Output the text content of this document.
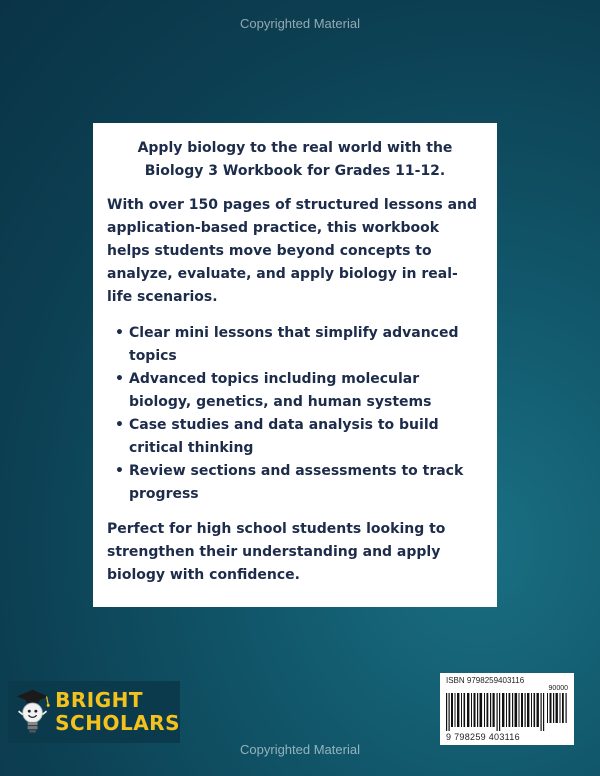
Copyrighted Material

Apply biology to the real world with the Biology 3 Workbook for Grades 11-12.

With over 150 pages of structured lessons and application-based practice, this workbook helps students move beyond concepts to analyze, evaluate, and apply biology in real-life scenarios.

• Clear mini lessons that simplify advanced topics
• Advanced topics including molecular biology, genetics, and human systems
• Case studies and data analysis to build critical thinking
• Review sections and assessments to track progress

Perfect for high school students looking to strengthen their understanding and apply biology with confidence.

BRIGHT
SCHOLARS
ISBN 9798259403116
90000
9 798259 403116
Copyrighted Material
